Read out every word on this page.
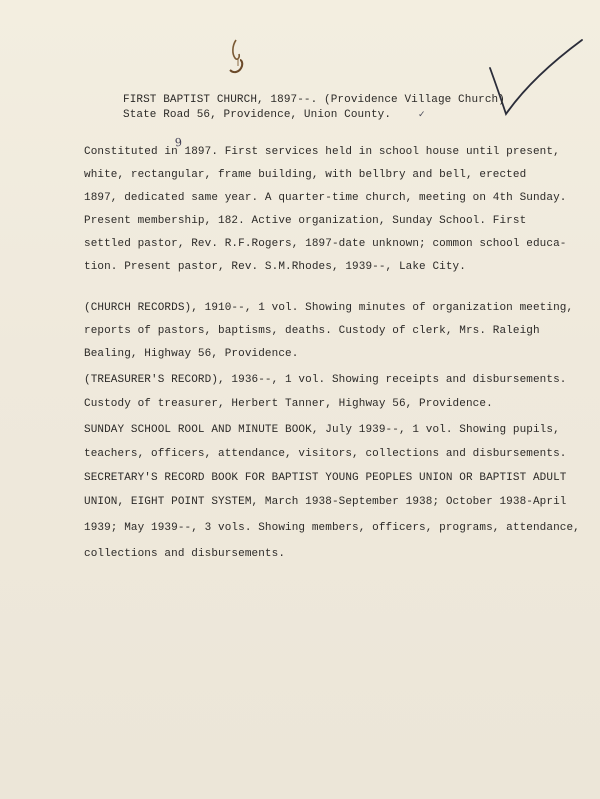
FIRST BAPTIST CHURCH, 1897--. (Providence Village Church)

State Road 56, Providence, Union County.

	✓
9

Constituted in 1897. First services held in school house until present,

white, rectangular, frame building, with bellbry and bell, erected

1897, dedicated same year. A quarter-time church, meeting on 4th Sunday.

Present membership, 182. Active organization, Sunday School. First

settled pastor, Rev. R.F.Rogers, 1897-date unknown; common school educa-

tion. Present pastor, Rev. S.M.Rhodes, 1939--, Lake City.

(CHURCH RECORDS), 1910--, 1 vol. Showing minutes of organization meeting,

reports of pastors, baptisms, deaths. Custody of clerk, Mrs. Raleigh

Bealing, Highway 56, Providence.

(TREASURER'S RECORD), 1936--, 1 vol. Showing receipts and disbursements.

Custody of treasurer, Herbert Tanner, Highway 56, Providence.

SUNDAY SCHOOL ROOL AND MINUTE BOOK, July 1939--, 1 vol. Showing pupils,

teachers, officers, attendance, visitors, collections and disbursements.

SECRETARY'S RECORD BOOK FOR BAPTIST YOUNG PEOPLES UNION OR BAPTIST ADULT

UNION, EIGHT POINT SYSTEM, March 1938-September 1938; October 1938-April

1939; May 1939--, 3 vols. Showing members, officers, programs, attendance,

collections and disbursements.
